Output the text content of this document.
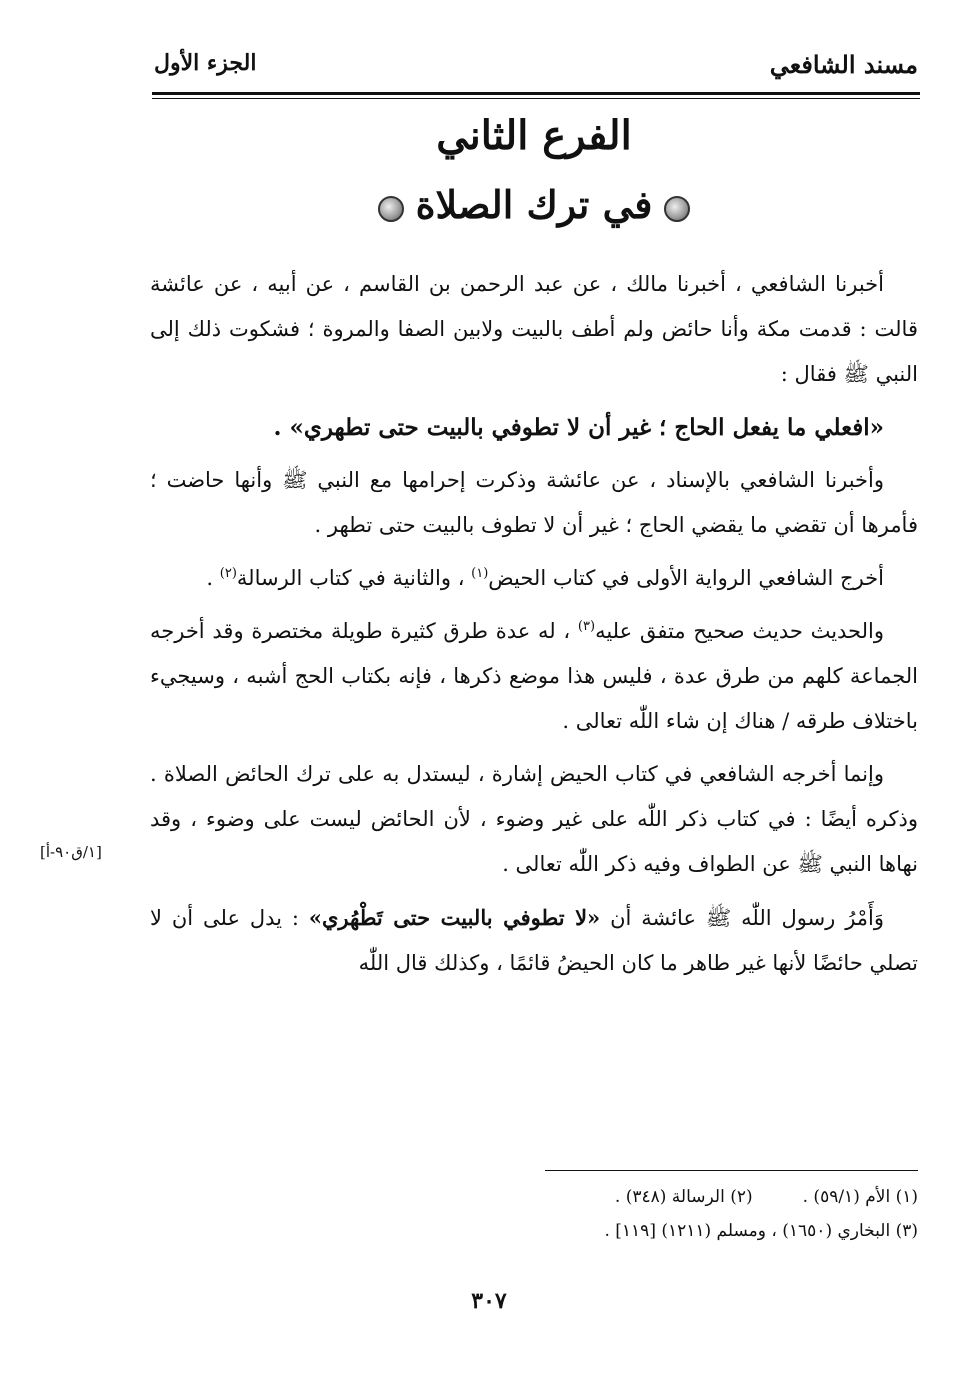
مسند الشافعي
الجزء الأول
الفرع الثاني
في ترك الصلاة

أخبرنا الشافعي ، أخبرنا مالك ، عن عبد الرحمن بن القاسم ، عن أبيه ، عن عائشة قالت : قدمت مكة وأنا حائض ولم أطف بالبيت ولابين الصفا والمروة ؛ فشكوت ذلك إلى النبي ﷺ فقال :

«افعلي ما يفعل الحاج ؛ غير أن لا تطوفي بالبيت حتى تطهري» .

وأخبرنا الشافعي بالإسناد ، عن عائشة وذكرت إحرامها مع النبي ﷺ وأنها حاضت ؛ فأمرها أن تقضي ما يقضي الحاج ؛ غير أن لا تطوف بالبيت حتى تطهر .

أخرج الشافعي الرواية الأولى في كتاب الحيض$^{(١)}$ ، والثانية في كتاب الرسالة$^{(٢)}$ .

والحديث حديث صحيح متفق عليه$^{(٣)}$ ، له عدة طرق كثيرة طويلة مختصرة وقد أخرجه الجماعة كلهم من طرق عدة ، فليس هذا موضع ذكرها ، فإنه بكتاب الحج أشبه ، وسيجيء باختلاف طرقه / هناك إن شاء اللّٰه تعالى .

وإنما أخرجه الشافعي في كتاب الحيض إشارة ، ليستدل به على ترك الحائض الصلاة . وذكره أيضًا : في كتاب ذكر اللّٰه على غير وضوء ، لأن الحائض ليست على وضوء ، وقد نهاها النبي ﷺ عن الطواف وفيه ذكر اللّٰه تعالى .

وَأَمْرُ رسول اللّٰه ﷺ عائشة أن «لا تطوفي بالبيت حتى تَطْهُري» : يدل على أن لا تصلي حائضًا لأنها غير طاهر ما كان الحيضُ قائمًا ، وكذلك قال اللّٰه

[١/ق٩٠-أ]
(١) الأم (٥٩/١) .(٢) الرسالة (٣٤٨) .
(٣) البخاري (١٦٥٠) ، ومسلم (١٢١١) [١١٩] .
٣٠٧
